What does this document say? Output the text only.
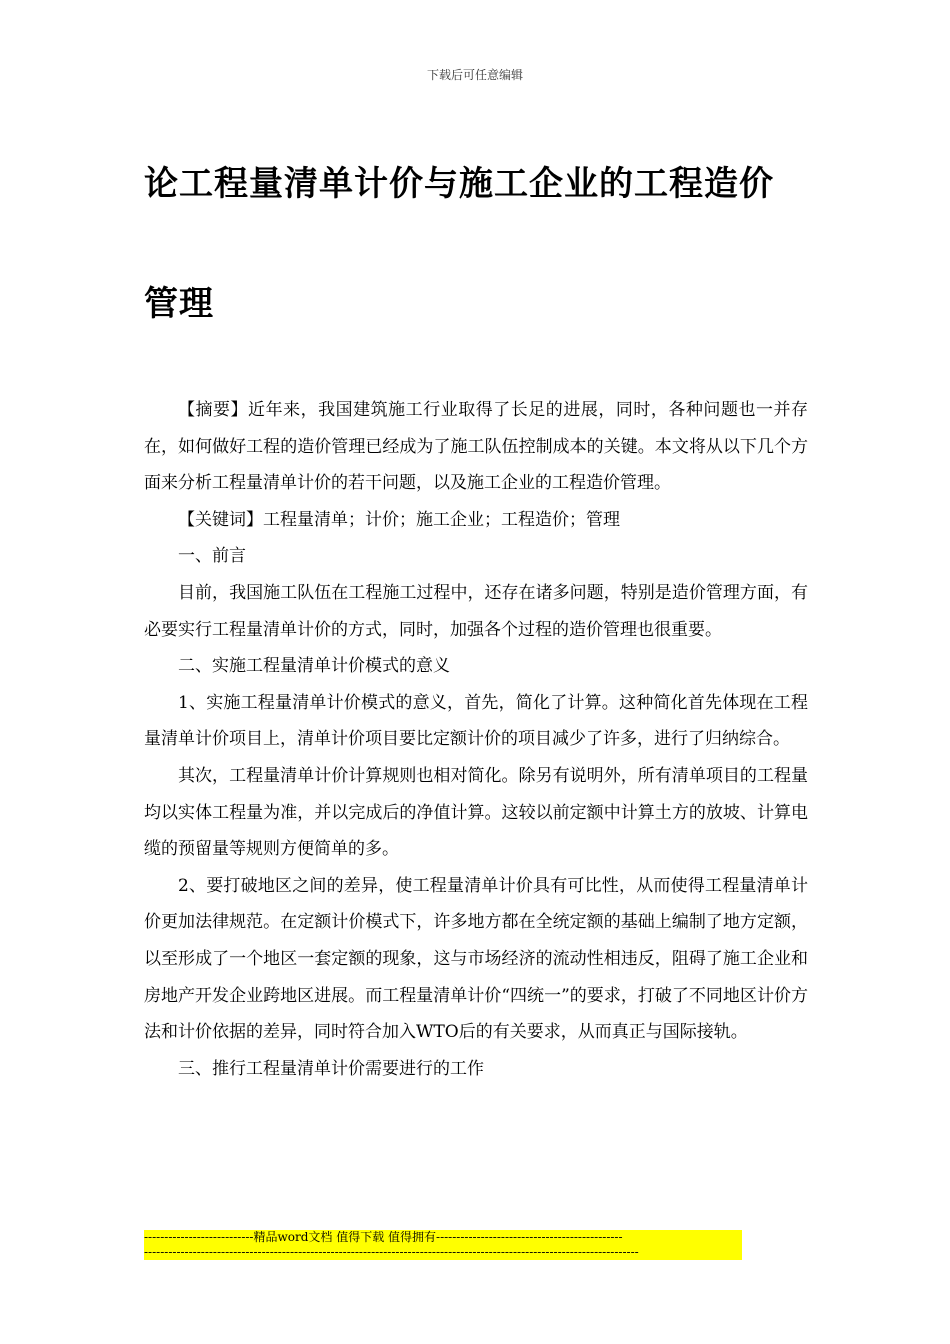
下载后可任意编辑
论工程量清单计价与施工企业的工程造价
管理

【摘要】近年来，我国建筑施工行业取得了长足的进展，同时，各种问题也一并存在，如何做好工程的造价管理已经成为了施工队伍控制成本的关键。本文将从以下几个方面来分析工程量清单计价的若干问题，以及施工企业的工程造价管理。

【关键词】工程量清单；计价；施工企业；工程造价；管理

一、前言

目前，我国施工队伍在工程施工过程中，还存在诸多问题，特别是造价管理方面，有必要实行工程量清单计价的方式，同时，加强各个过程的造价管理也很重要。

二、实施工程量清单计价模式的意义

1、实施工程量清单计价模式的意义，首先，简化了计算。这种简化首先体现在工程量清单计价项目上，清单计价项目要比定额计价的项目减少了许多，进行了归纳综合。

其次，工程量清单计价计算规则也相对简化。除另有说明外，所有清单项目的工程量均以实体工程量为准，并以完成后的净值计算。这较以前定额中计算土方的放坡、计算电缆的预留量等规则方便简单的多。

2、要打破地区之间的差异，使工程量清单计价具有可比性，从而使得工程量清单计价更加法律规范。在定额计价模式下，许多地方都在全统定额的基础上编制了地方定额，以至形成了一个地区一套定额的现象，这与市场经济的流动性相违反，阻碍了施工企业和房地产开发企业跨地区进展。而工程量清单计价“四统一”的要求，打破了不同地区计价方法和计价依据的差异，同时符合加入WTO后的有关要求，从而真正与国际接轨。

三、推行工程量清单计价需要进行的工作

---------------------------精品word文档 值得下载 值得拥有----------------------------------------------
--------------------------------------------------------------------------------------------------------------------------
